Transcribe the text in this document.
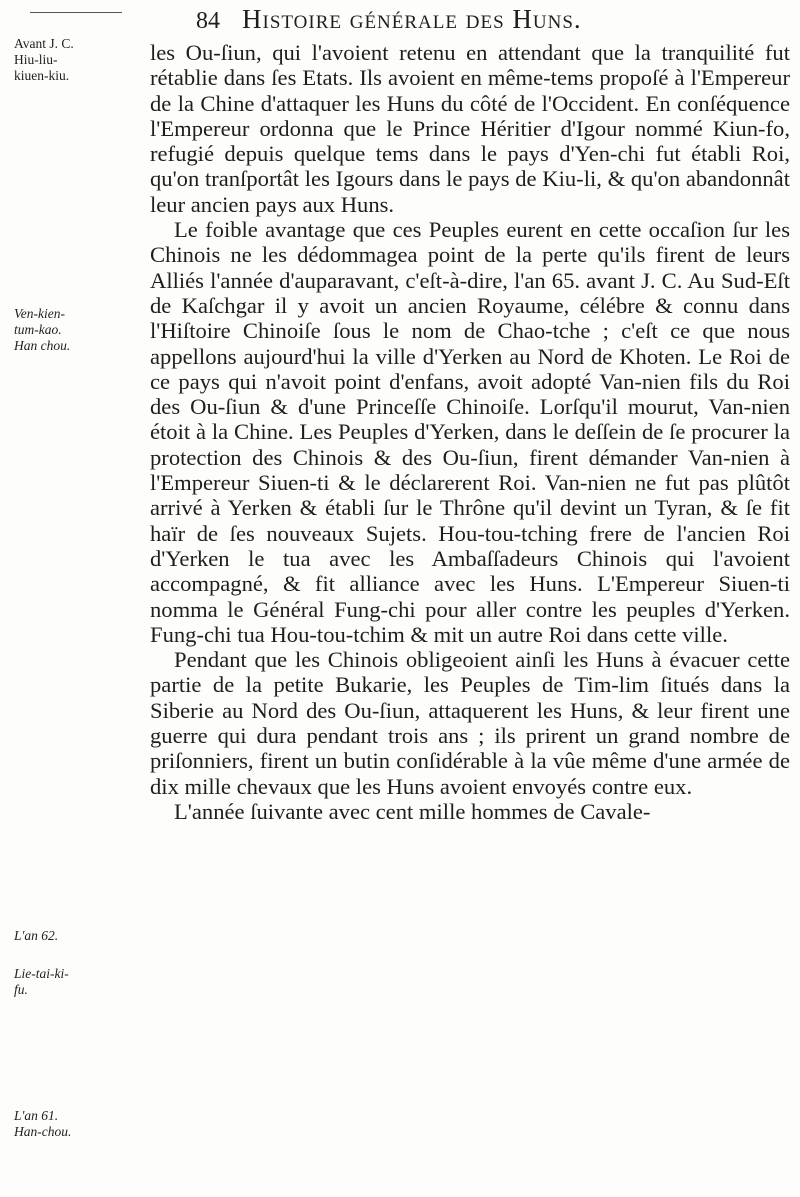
84 Histoire générale des Huns.
Avant J. C.
Hiu-liu-
kiuen-kiu.
Ven-kien-
tum-kao.
Han chou.
L'an 62.
Lie-tai-ki-
fu.
L'an 61.
Han-chou.

les Ou-ſiun, qui l'avoient retenu en attendant que la tranquilité fut rétablie dans ſes Etats. Ils avoient en même-tems propoſé à l'Empereur de la Chine d'attaquer les Huns du côté de l'Occident. En conſéquence l'Empereur ordonna que le Prince Héritier d'Igour nommé Kiun-fo, refugié depuis quelque tems dans le pays d'Yen-chi fut établi Roi, qu'on tranſportât les Igours dans le pays de Kiu-li, & qu'on abandonnât leur ancien pays aux Huns.

Le foible avantage que ces Peuples eurent en cette occaſion ſur les Chinois ne les dédommagea point de la perte qu'ils firent de leurs Alliés l'année d'auparavant, c'eſt-à-dire, l'an 65. avant J. C. Au Sud-Eſt de Kaſchgar il y avoit un ancien Royaume, célébre & connu dans l'Hiſtoire Chinoiſe ſous le nom de Chao-tche ; c'eſt ce que nous appellons aujourd'hui la ville d'Yerken au Nord de Khoten. Le Roi de ce pays qui n'avoit point d'enfans, avoit adopté Van-nien fils du Roi des Ou-ſiun & d'une Princeſſe Chinoiſe. Lorſqu'il mourut, Van-nien étoit à la Chine. Les Peuples d'Yerken, dans le deſſein de ſe procurer la protection des Chinois & des Ou-ſiun, firent démander Van-nien à l'Empereur Siuen-ti & le déclarerent Roi. Van-nien ne fut pas plûtôt arrivé à Yerken & établi ſur le Thrône qu'il devint un Tyran, & ſe fit haïr de ſes nouveaux Sujets. Hou-tou-tching frere de l'ancien Roi d'Yerken le tua avec les Ambaſſadeurs Chinois qui l'avoient accompagné, & fit alliance avec les Huns. L'Empereur Siuen-ti nomma le Général Fung-chi pour aller contre les peuples d'Yerken. Fung-chi tua Hou-tou-tchim & mit un autre Roi dans cette ville.

Pendant que les Chinois obligeoient ainſi les Huns à évacuer cette partie de la petite Bukarie, les Peuples de Tim-lim ſitués dans la Siberie au Nord des Ou-ſiun, attaquerent les Huns, & leur firent une guerre qui dura pendant trois ans ; ils prirent un grand nombre de priſonniers, firent un butin conſidérable à la vûe même d'une armée de dix mille chevaux que les Huns avoient envoyés contre eux.

L'année ſuivante avec cent mille hommes de Cavale-
